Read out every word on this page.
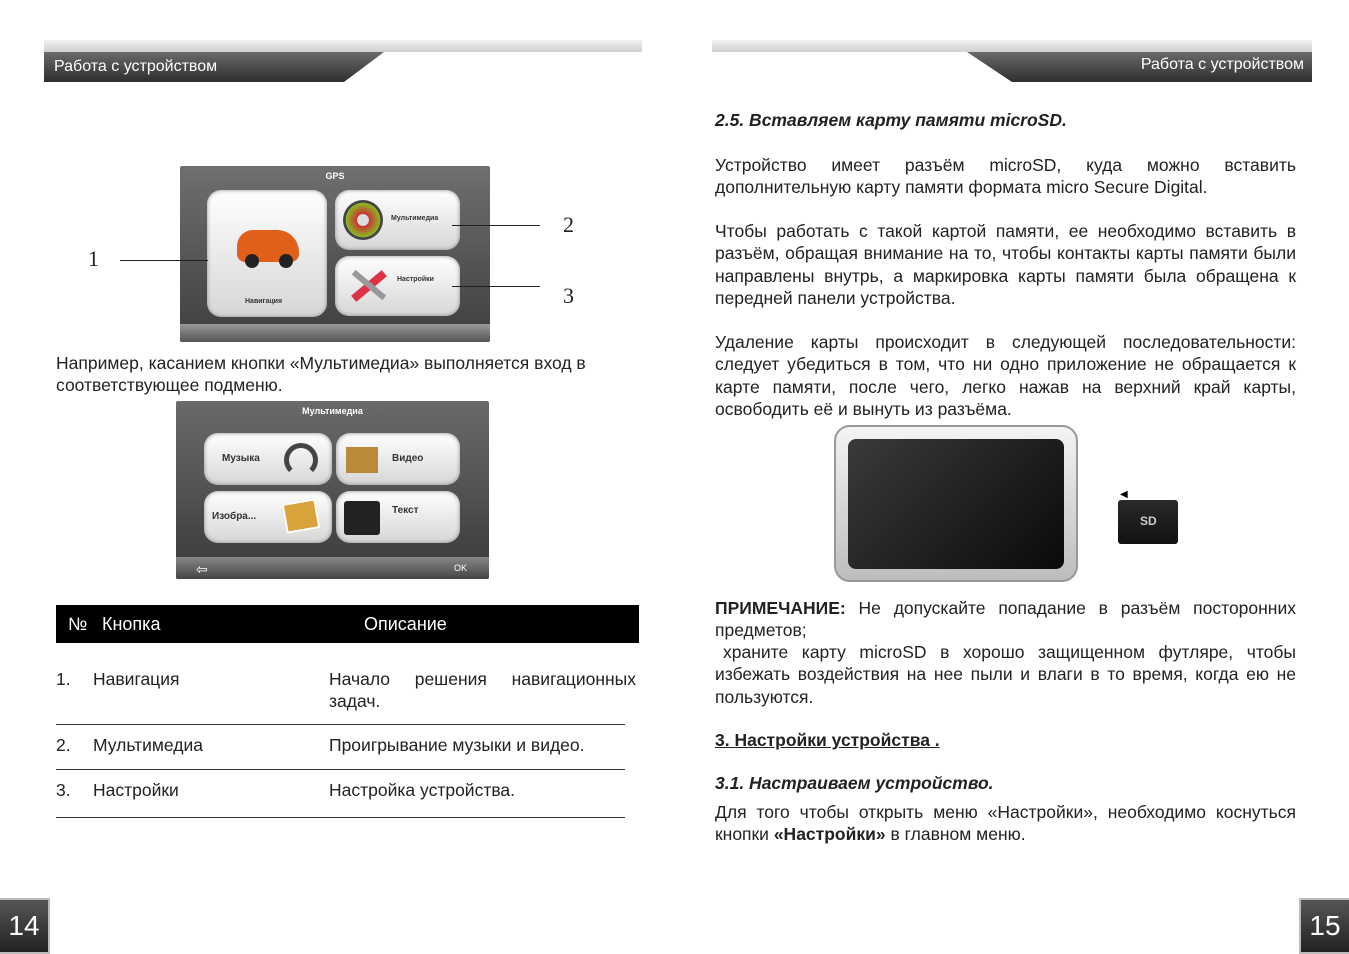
Работа с устройством	Работа с устройством
GPS
Навигация
Мультимедиа
Настройки
1
2
3

Например, касанием кнопки «Мультимедиа» выполняется вход в соответствующее подменю.

Мультимедиа
Музыка	Видео
Изобра...
Текст
⇦	OK
№ Кнопка	Описание
1. Навигация	Начало решения навигационных задач.
2. Мультимедиа	Проигрывание музыки и видео.
3. Настройки	Настройка устройства.
2.5. Вставляем карту памяти microSD.

Устройство имеет разъём microSD, куда можно вставить дополнительную карту памяти формата micro Secure Digital.

Чтобы работать с такой картой памяти, ее необходимо вставить в разъём, обращая внимание на то, чтобы контакты карты памяти были направлены внутрь, а маркировка карты памяти была обращена к передней панели устройства.

Удаление карты происходит в следующей последовательности: следует убедиться в том, что ни одно приложение не обращается к карте памяти, после чего, легко нажав на верхний край карты, освободить её и вынуть из разъёма.

◀
SD

ПРИМЕЧАНИЕ: Не допускайте попадание в разъём посторонних предметов;

храните карту microSD в хорошо защищенном футляре, чтобы избежать воздействия на нее пыли и влаги в то время, когда ею не пользуются.

3. Настройки устройства .
3.1. Настраиваем устройство.

Для того чтобы открыть меню «Настройки», необходимо коснуться кнопки «Настройки» в главном меню.

14	15
